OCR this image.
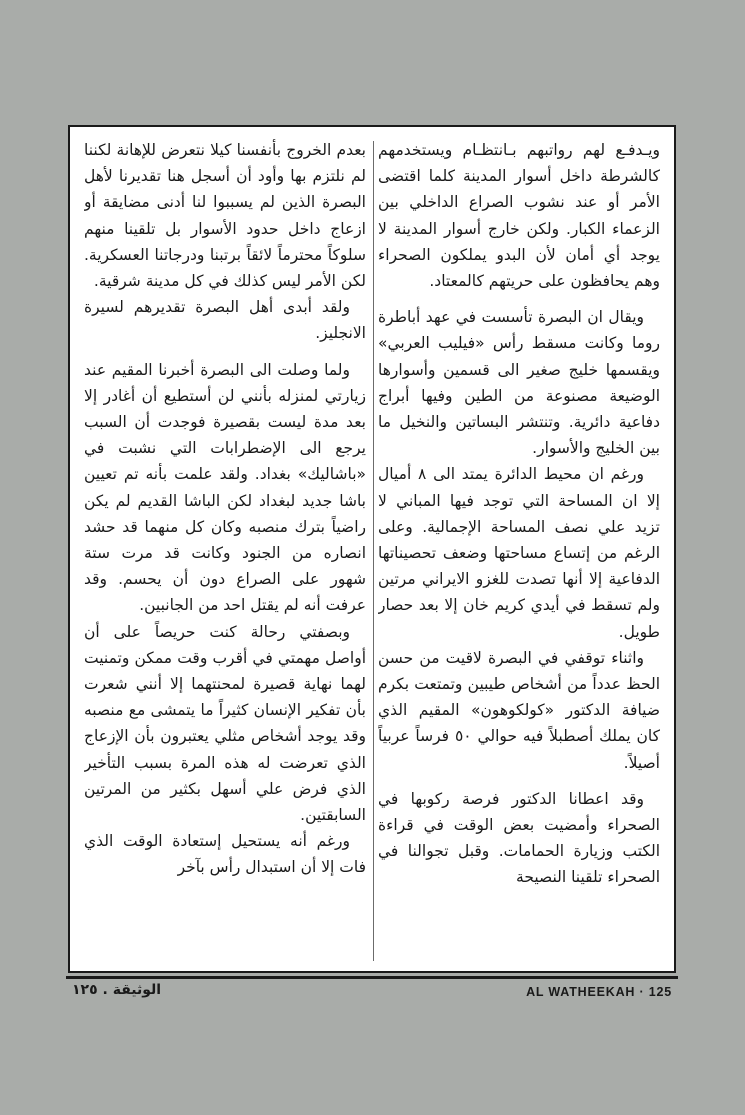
ويـدفـع لهم رواتبهم بـانتظـام ويستخدمهم كالشرطة داخل أسوار المدينة كلما اقتضى الأمر أو عند نشوب الصراع الداخلي بين الزعماء الكبار. ولكن خارج أسوار المدينة لا يوجد أي أمان لأن البدو يملكون الصحراء وهم يحافظون على حريتهم كالمعتاد.

ويقال ان البصرة تأسست في عهد أباطرة روما وكانت مسقط رأس «فيليب العربي» ويقسمها خليج صغير الى قسمين وأسوارها الوضيعة مصنوعة من الطين وفيها أبراج دفاعية دائرية. وتنتشر البساتين والنخيل ما بين الخليج والأسوار.

ورغم ان محيط الدائرة يمتد الى ٨ أميال إلا ان المساحة التي توجد فيها المباني لا تزيد علي نصف المساحة الإجمالية. وعلى الرغم من إتساع مساحتها وضعف تحصيناتها الدفاعية إلا أنها تصدت للغزو الايراني مرتين ولم تسقط في أيدي كريم خان إلا بعد حصار طويل.

واثناء توقفي في البصرة لاقيت من حسن الحظ عدداً من أشخاص طيبين وتمتعت بكرم ضيافة الدكتور «كولكوهون» المقيم الذي كان يملك أصطبلاً فيه حوالي ٥٠ فرساً عربياً أصيلاً.

وقد اعطانا الدكتور فرصة ركوبها في الصحراء وأمضيت بعض الوقت في قراءة الكتب وزيارة الحمامات. وقبل تجوالنا في الصحراء تلقينا النصيحة

بعدم الخروج بأنفسنا كيلا نتعرض للإهانة لكننا لم نلتزم بها وأود أن أسجل هنا تقديرنا لأهل البصرة الذين لم يسببوا لنا أدنى مضايقة أو ازعاج داخل حدود الأسوار بل تلقينا منهم سلوكاً محترماً لائقاً برتبنا ودرجاتنا العسكرية. لكن الأمر ليس كذلك في كل مدينة شرقية.

ولقد أبدى أهل البصرة تقديرهم لسيرة الانجليز.

ولما وصلت الى البصرة أخبرنا المقيم عند زيارتي لمنزله بأنني لن أستطيع أن أغادر إلا بعد مدة ليست بقصيرة فوجدت أن السبب يرجع الى الإضطرابات التي نشبت في «باشاليك» بغداد. ولقد علمت بأنه تم تعيين باشا جديد لبغداد لكن الباشا القديم لم يكن راضياً بترك منصبه وكان كل منهما قد حشد انصاره من الجنود وكانت قد مرت ستة شهور على الصراع دون أن يحسم. وقد عرفت أنه لم يقتل احد من الجانبين.

وبصفتي رحالة كنت حريصاً على أن أواصل مهمتي في أقرب وقت ممكن وتمنيت لهما نهاية قصيرة لمحنتهما إلا أنني شعرت بأن تفكير الإنسان كثيراً ما يتمشى مع منصبه وقد يوجد أشخاص مثلي يعتبرون بأن الإزعاج الذي تعرضت له هذه المرة بسبب التأخير الذي فرض علي أسهل بكثير من المرتين السابقتين.

ورغم أنه يستحيل إستعادة الوقت الذي فات إلا أن استبدال رأس بآخر

الوثيقة . ١٢٥	AL WATHEEKAH · 125
